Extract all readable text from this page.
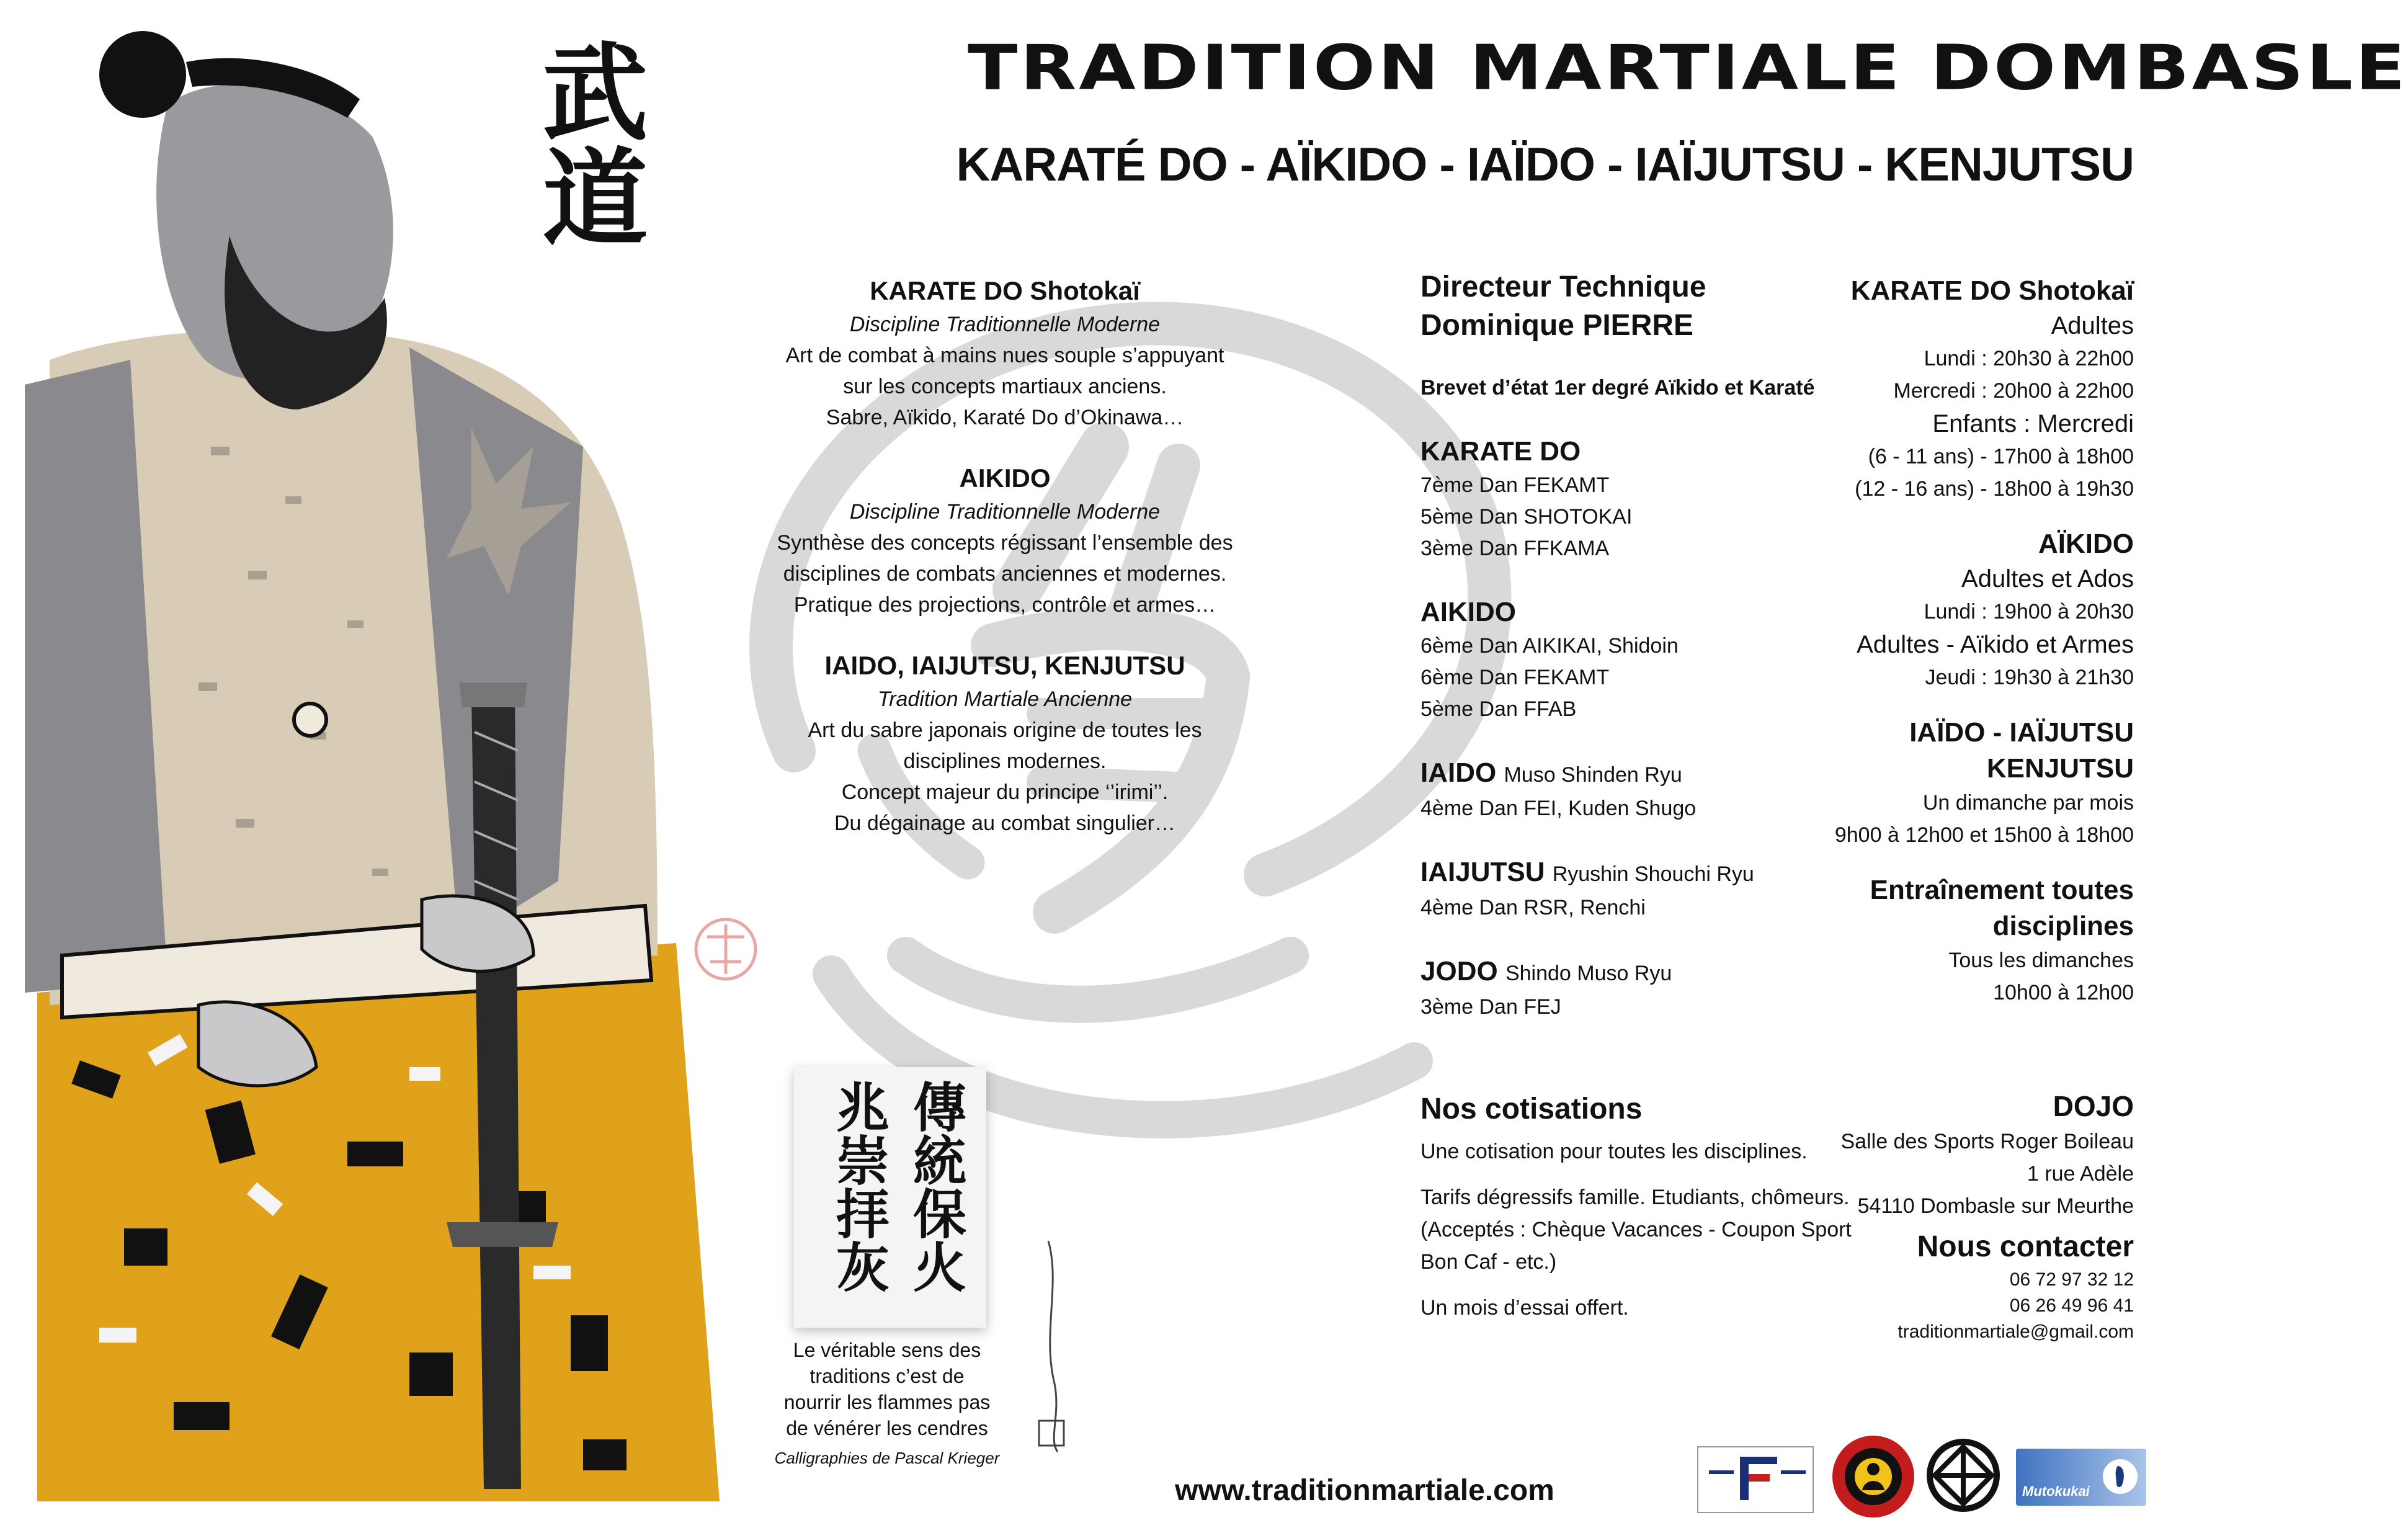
武道	TRADITION MARTIALE DOMBASLE
KARATÉ DO - AÏKIDO - IAÏDO - IAÏJUTSU - KENJUTSU
KARATE DO Shotokaï
Discipline Traditionnelle Moderne
Art de combat à mains nues souple s’appuyant
sur les concepts martiaux anciens.
Sabre, Aïkido, Karaté Do d’Okinawa…
AIKIDO
Discipline Traditionnelle Moderne
Synthèse des concepts régissant l’ensemble des
disciplines de combats anciennes et modernes.
Pratique des projections, contrôle et armes…
IAIDO, IAIJUTSU, KENJUTSU
Tradition Martiale Ancienne
Art du sabre japonais origine de toutes les
disciplines modernes.
Concept majeur du principe ‘’irimi’’.
Du dégainage au combat singulier…
Directeur Technique
Dominique PIERRE
Brevet d’état 1er degré Aïkido et Karaté
KARATE DO
7ème Dan FEKAMT
5ème Dan SHOTOKAI
3ème Dan FFKAMA
AIKIDO
6ème Dan AIKIKAI, Shidoin
6ème Dan FEKAMT
5ème Dan FFAB
IAIDO Muso Shinden Ryu
4ème Dan FEI, Kuden Shugo
IAIJUTSU Ryushin Shouchi Ryu
4ème Dan RSR, Renchi
JODO Shindo Muso Ryu
3ème Dan FEJ
Nos cotisations

Une cotisation pour toutes les disciplines.

Tarifs dégressifs famille. Etudiants, chômeurs.
(Acceptés : Chèque Vacances - Coupon Sport
Bon Caf - etc.)

Un mois d’essai offert.

KARATE DO Shotokaï
Adultes
Lundi : 20h30 à 22h00
Mercredi : 20h00 à 22h00
Enfants : Mercredi
(6 - 11 ans) - 17h00 à 18h00
(12 - 16 ans) - 18h00 à 19h30
AÏKIDO
Adultes et Ados
Lundi : 19h00 à 20h30
Adultes - Aïkido et Armes
Jeudi : 19h30 à 21h30
IAÏDO - IAÏJUTSU
KENJUTSU
Un dimanche par mois
9h00 à 12h00 et 15h00 à 18h00
Entraînement toutes
disciplines
Tous les dimanches
10h00 à 12h00
DOJO
Salle des Sports Roger Boileau
1 rue Adèle
54110 Dombasle sur Meurthe
Nous contacter
06 72 97 32 12
06 26 49 96 41
traditionmartiale@gmail.com
傳統保火
兆崇拝灰
Le véritable sens des
traditions c’est de
nourrir les flammes pas
de vénérer les cendres
Calligraphies de Pascal Krieger
www.traditionmartiale.com	Mutokukai
